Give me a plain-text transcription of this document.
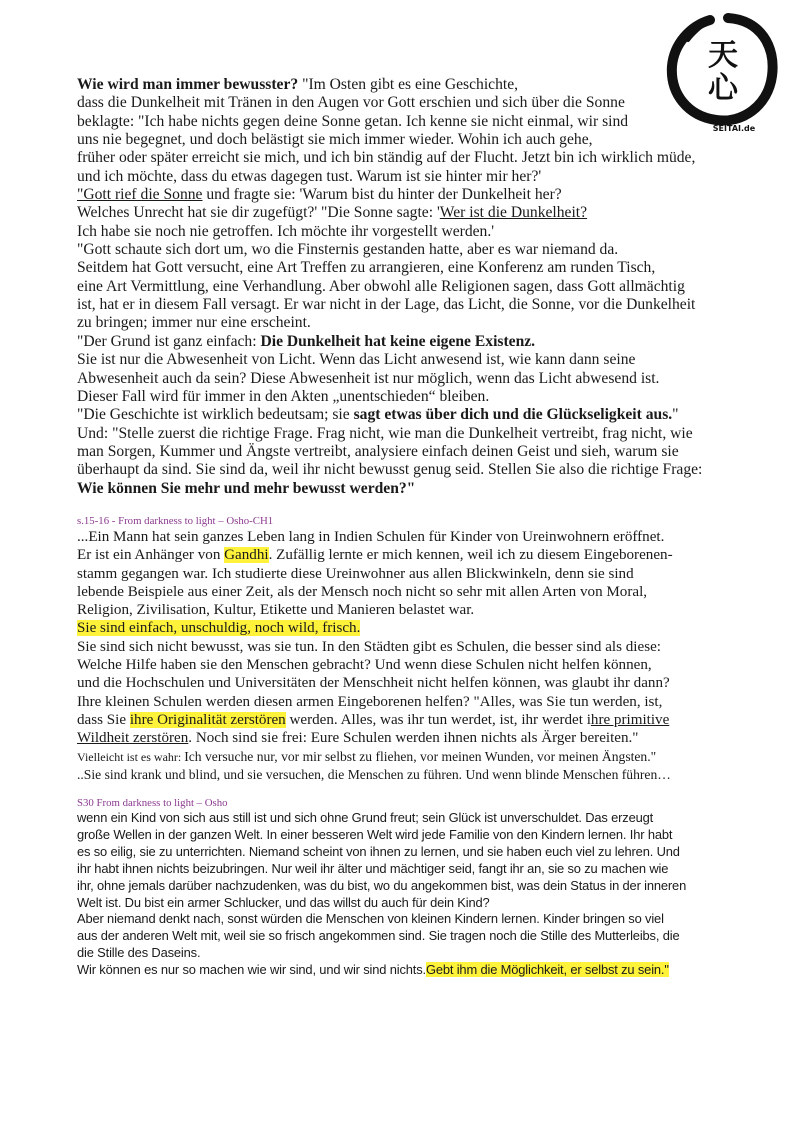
天
心
SEITAI.de
Wie wird man immer bewusster? "Im Osten gibt es eine Geschichte,
dass die Dunkelheit mit Tränen in den Augen vor Gott erschien und sich über die Sonne
beklagte: "Ich habe nichts gegen deine Sonne getan. Ich kenne sie nicht einmal, wir sind
uns nie begegnet, und doch belästigt sie mich immer wieder. Wohin ich auch gehe,
früher oder später erreicht sie mich, und ich bin ständig auf der Flucht. Jetzt bin ich wirklich müde,
und ich möchte, dass du etwas dagegen tust. Warum ist sie hinter mir her?'
"Gott rief die Sonne und fragte sie: 'Warum bist du hinter der Dunkelheit her?
Welches Unrecht hat sie dir zugefügt?' "Die Sonne sagte: 'Wer ist die Dunkelheit?
Ich habe sie noch nie getroffen. Ich möchte ihr vorgestellt werden.'
"Gott schaute sich dort um, wo die Finsternis gestanden hatte, aber es war niemand da.
Seitdem hat Gott versucht, eine Art Treffen zu arrangieren, eine Konferenz am runden Tisch,
eine Art Vermittlung, eine Verhandlung. Aber obwohl alle Religionen sagen, dass Gott allmächtig
ist, hat er in diesem Fall versagt. Er war nicht in der Lage, das Licht, die Sonne, vor die Dunkelheit
zu bringen; immer nur eine erscheint.
"Der Grund ist ganz einfach: Die Dunkelheit hat keine eigene Existenz.
Sie ist nur die Abwesenheit von Licht. Wenn das Licht anwesend ist, wie kann dann seine
Abwesenheit auch da sein? Diese Abwesenheit ist nur möglich, wenn das Licht abwesend ist.
Dieser Fall wird für immer in den Akten „unentschieden“ bleiben.
"Die Geschichte ist wirklich bedeutsam; sie sagt etwas über dich und die Glückseligkeit aus."
Und: "Stelle zuerst die richtige Frage. Frag nicht, wie man die Dunkelheit vertreibt, frag nicht, wie
man Sorgen, Kummer und Ängste vertreibt, analysiere einfach deinen Geist und sieh, warum sie
überhaupt da sind. Sie sind da, weil ihr nicht bewusst genug seid. Stellen Sie also die richtige Frage:
Wie können Sie mehr und mehr bewusst werden?"
s.15-16 - From darkness to light – Osho-CH1
...Ein Mann hat sein ganzes Leben lang in Indien Schulen für Kinder von Ureinwohnern eröffnet.
Er ist ein Anhänger von Gandhi. Zufällig lernte er mich kennen, weil ich zu diesem Eingeborenen-
stamm gegangen war. Ich studierte diese Ureinwohner aus allen Blickwinkeln, denn sie sind
lebende Beispiele aus einer Zeit, als der Mensch noch nicht so sehr mit allen Arten von Moral,
Religion, Zivilisation, Kultur, Etikette und Manieren belastet war.
Sie sind einfach, unschuldig, noch wild, frisch.
Sie sind sich nicht bewusst, was sie tun. In den Städten gibt es Schulen, die besser sind als diese:
Welche Hilfe haben sie den Menschen gebracht? Und wenn diese Schulen nicht helfen können,
und die Hochschulen und Universitäten der Menschheit nicht helfen können, was glaubt ihr dann?
Ihre kleinen Schulen werden diesen armen Eingeborenen helfen? "Alles, was Sie tun werden, ist,
dass Sie ihre Originalität zerstören werden. Alles, was ihr tun werdet, ist, ihr werdet ihre primitive
Wildheit zerstören. Noch sind sie frei: Eure Schulen werden ihnen nichts als Ärger bereiten."
Vielleicht ist es wahr: Ich versuche nur, vor mir selbst zu fliehen, vor meinen Wunden, vor meinen Ängsten."
..Sie sind krank und blind, und sie versuchen, die Menschen zu führen. Und wenn blinde Menschen führen…
S30 From darkness to light – Osho
wenn ein Kind von sich aus still ist und sich ohne Grund freut; sein Glück ist unverschuldet. Das erzeugt
große Wellen in der ganzen Welt. In einer besseren Welt wird jede Familie von den Kindern lernen. Ihr habt
es so eilig, sie zu unterrichten. Niemand scheint von ihnen zu lernen, und sie haben euch viel zu lehren. Und
ihr habt ihnen nichts beizubringen. Nur weil ihr älter und mächtiger seid, fangt ihr an, sie so zu machen wie
ihr, ohne jemals darüber nachzudenken, was du bist, wo du angekommen bist, was dein Status in der inneren
Welt ist. Du bist ein armer Schlucker, und das willst du auch für dein Kind?
Aber niemand denkt nach, sonst würden die Menschen von kleinen Kindern lernen. Kinder bringen so viel
aus der anderen Welt mit, weil sie so frisch angekommen sind. Sie tragen noch die Stille des Mutterleibs, die
die Stille des Daseins.
Wir können es nur so machen wie wir sind, und wir sind nichts.Gebt ihm die Möglichkeit, er selbst zu sein."
